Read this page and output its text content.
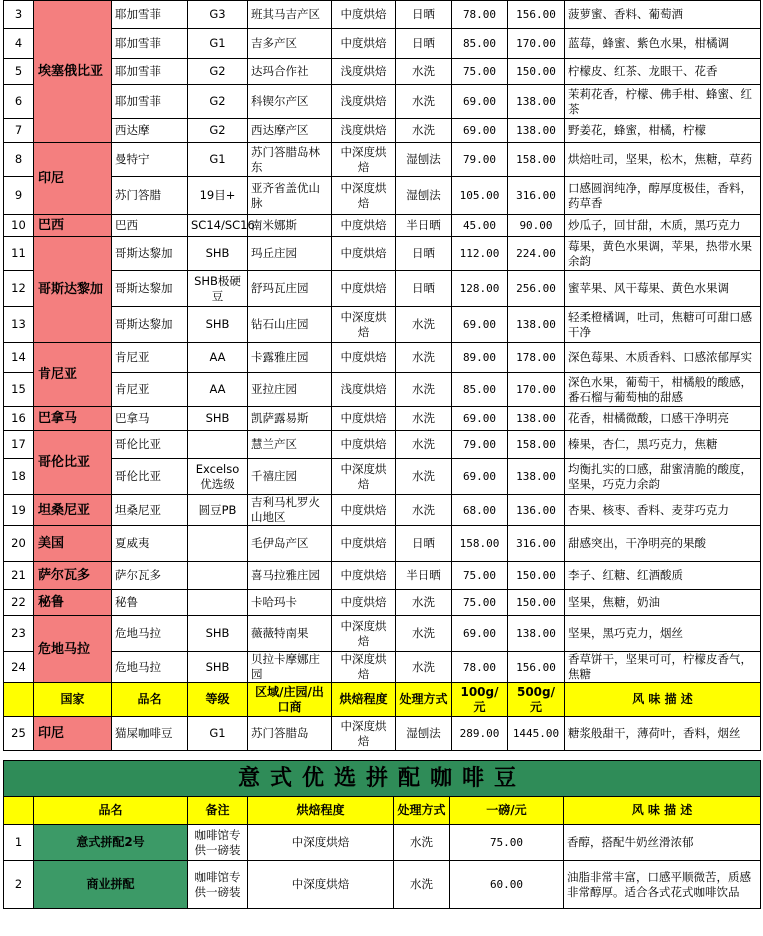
3	埃塞俄比亚	耶加雪菲	G3	班其马吉产区	中度烘焙	日晒	78.00	156.00	菠萝蜜、香料、葡萄酒
4		耶加雪菲	G1	吉多产区	中度烘焙	日晒	85.00	170.00	蓝莓，蜂蜜、紫色水果，柑橘调
5		耶加雪菲	G2	达玛合作社	浅度烘焙	水洗	75.00	150.00	柠檬皮、红茶、龙眼干、花香
6		耶加雪菲	G2	科锲尔产区	浅度烘焙	水洗	69.00	138.00	茉莉花香，柠檬、佛手柑、蜂蜜、红茶
7		西达摩	G2	西达摩产区	浅度烘焙	水洗	69.00	138.00	野姜花，蜂蜜，柑橘，柠檬
8	印尼	曼特宁	G1	苏门答腊岛林东	中深度烘焙	湿刨法	79.00	158.00	烘焙吐司，坚果，松木，焦糖，草药
9		苏门答腊	19目+	亚齐省盖优山脉	中深度烘焙	湿刨法	105.00	316.00	口感圆润纯净，醇厚度极佳，香料，药草香
10	巴西	巴西	SC14/SC16	南米娜斯	中度烘焙	半日晒	45.00	90.00	炒瓜子，回甘甜，木质，黑巧克力
11	哥斯达黎加	哥斯达黎加	SHB	玛丘庄园	中度烘焙	日晒	112.00	224.00	莓果，黄色水果调，苹果，热带水果余韵
12		哥斯达黎加	SHB极硬豆	舒玛瓦庄园	中度烘焙	日晒	128.00	256.00	蜜苹果、风干莓果、黄色水果调
13		哥斯达黎加	SHB	钻石山庄园	中深度烘焙	水洗	69.00	138.00	轻柔橙橘调，吐司，焦糖可可甜口感干净
14	肯尼亚	肯尼亚	AA	卡露雅庄园	中度烘焙	水洗	89.00	178.00	深色莓果、木质香料、口感浓郁厚实
15		肯尼亚	AA	亚拉庄园	浅度烘焙	水洗	85.00	170.00	深色水果，葡萄干，柑橘般的酸感，番石榴与葡萄柚的甜感
16	巴拿马	巴拿马	SHB	凯萨露易斯	中度烘焙	水洗	69.00	138.00	花香，柑橘微酸，口感干净明亮
17	哥伦比亚	哥伦比亚		慧兰产区	中度烘焙	水洗	79.00	158.00	榛果，杏仁，黑巧克力，焦糖
18		哥伦比亚	Excelso优选级	千禧庄园	中深度烘焙	水洗	69.00	138.00	均衡扎实的口感，甜蜜清脆的酸度，坚果，巧克力余韵
19	坦桑尼亚	坦桑尼亚	圆豆PB	吉利马札罗火山地区	中度烘焙	水洗	68.00	136.00	杏果、核枣、香料、麦芽巧克力
20	美国	夏威夷		毛伊岛产区	中度烘焙	日晒	158.00	316.00	甜感突出，干净明亮的果酸
21	萨尔瓦多	萨尔瓦多		喜马拉雅庄园	中度烘焙	半日晒	75.00	150.00	李子、红糖、红酒酸质
22	秘鲁	秘鲁		卡哈玛卡	中度烘焙	水洗	75.00	150.00	坚果，焦糖，奶油
23	危地马拉	危地马拉	SHB	薇薇特南果	中深度烘焙	水洗	69.00	138.00	坚果，黑巧克力，烟丝
24		危地马拉	SHB	贝拉卡摩娜庄园	中深度烘焙	水洗	78.00	156.00	香草饼干，坚果可可，柠檬皮香气，焦糖
	国家	品名	等级	区域/庄园/出口商	烘焙程度	处理方式	100g/元	500g/元	风 味 描 述
25	印尼	猫屎咖啡豆	G1	苏门答腊岛	中深度烘焙	湿刨法	289.00	1445.00	糖浆般甜干，薄荷叶，香料，烟丝
意式优选拼配咖啡豆						
	品名	备注	烘焙程度	处理方式	一磅/元	风 味 描 述
1	意式拼配2号	咖啡馆专供一磅装	中深度烘焙	水洗	75.00	香醇，搭配牛奶丝滑浓郁
2	商业拼配	咖啡馆专供一磅装	中深度烘焙	水洗	60.00	油脂非常丰富，口感平顺微苦，质感非常醇厚。适合各式花式咖啡饮品
